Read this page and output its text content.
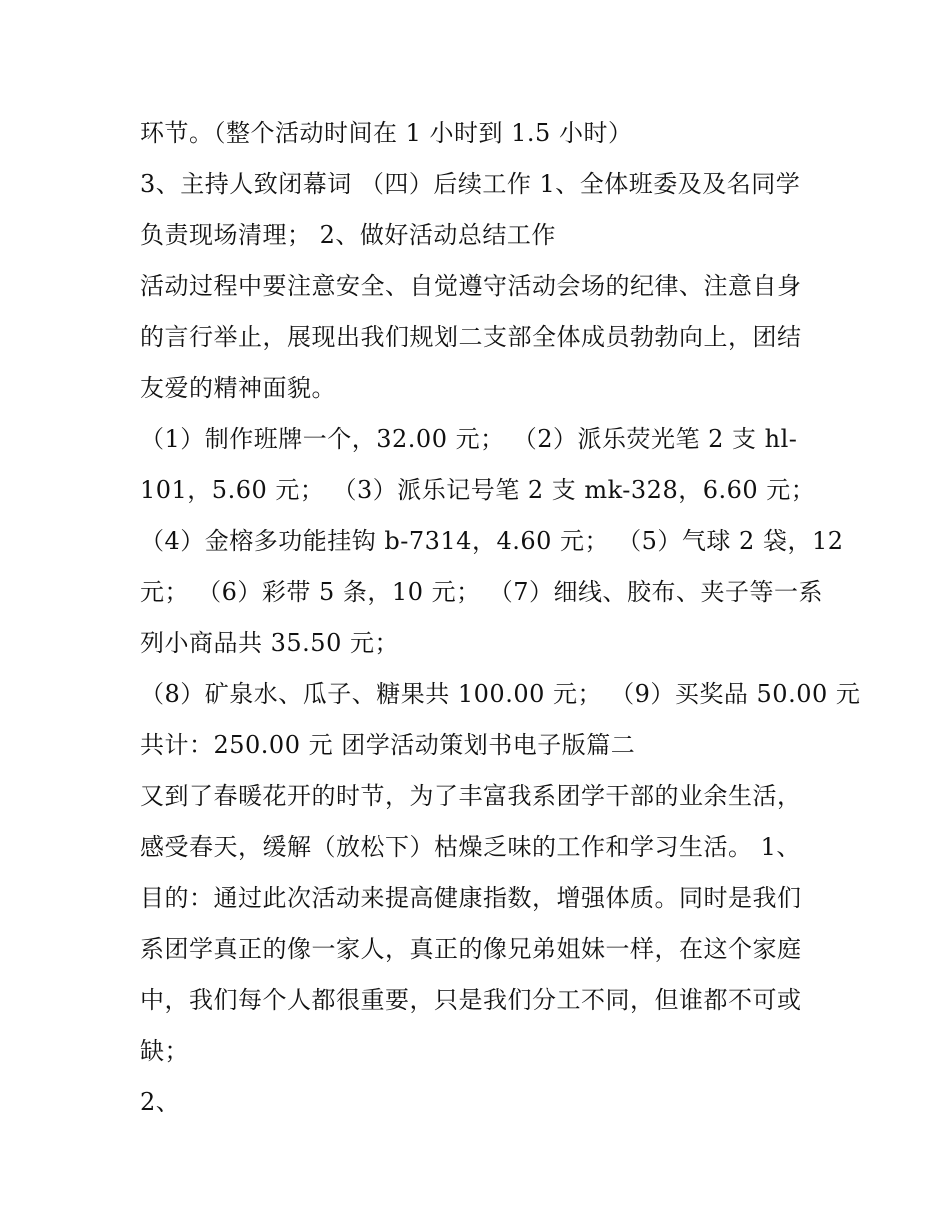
环节。（整个活动时间在 1 小时到 1.5 小时）

3、主持人致闭幕词 （四）后续工作 1、全体班委及及名同学

负责现场清理； 2、做好活动总结工作

活动过程中要注意安全、自觉遵守活动会场的纪律、注意自身

的言行举止，展现出我们规划二支部全体成员勃勃向上，团结

友爱的精神面貌。

（1）制作班牌一个，32.00 元； （2）派乐荧光笔 2 支 hl-

101，5.60 元； （3）派乐记号笔 2 支 mk-328，6.60 元；

（4）金榕多功能挂钩 b-7314，4.60 元； （5）气球 2 袋，12

元； （6）彩带 5 条，10 元； （7）细线、胶布、夹子等一系

列小商品共 35.50 元；

（8）矿泉水、瓜子、糖果共 100.00 元； （9）买奖品 50.00 元

共计：250.00 元 团学活动策划书电子版篇二

又到了春暖花开的时节，为了丰富我系团学干部的业余生活，

感受春天，缓解（放松下）枯燥乏味的工作和学习生活。 1、

目的：通过此次活动来提高健康指数，增强体质。同时是我们

系团学真正的像一家人，真正的像兄弟姐妹一样，在这个家庭

中，我们每个人都很重要，只是我们分工不同，但谁都不可或

缺；

2、
